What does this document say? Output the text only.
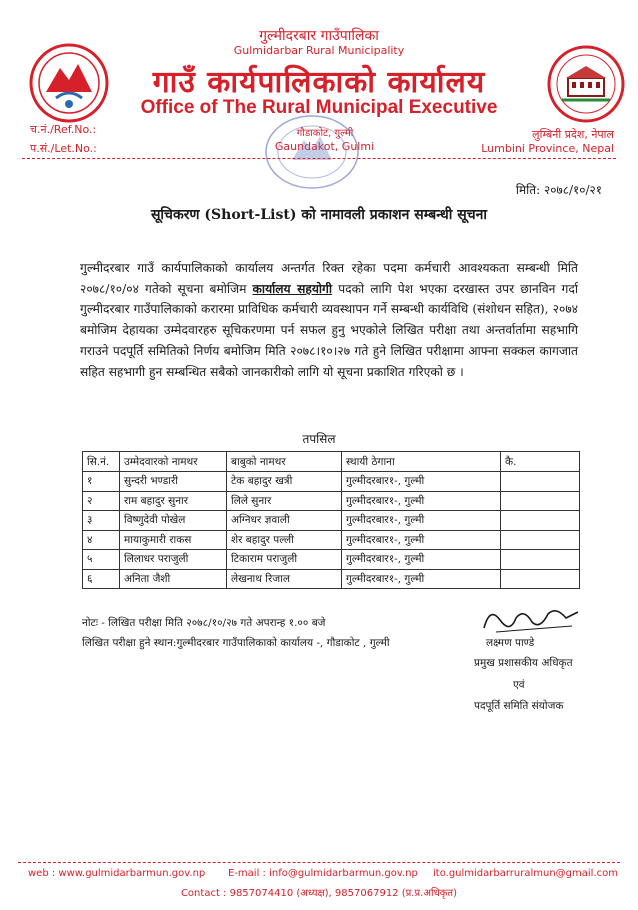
गुल्मीदरबार गाउँपालिका
Gulmidarbar Rural Municipality
गाउँ कार्यपालिकाको कार्यालय
Office of The Rural Municipal Executive
च.नं./Ref.No.:
प.सं./Let.No.:
गौडाकोट, गुल्मी
Gaundakot, Gulmi
लुम्बिनी प्रदेश, नेपाल
Lumbini Province, Nepal
मिति: २०७८/१०/२१
सूचिकरण (Short-List) को नामावली प्रकाशन सम्बन्धी सूचना
गुल्मीदरबार गाउँ कार्यपालिकाको कार्यालय अन्तर्गत रिक्त रहेका पदमा कर्मचारी आवश्यकता सम्बन्धी मिति २०७८/१०/०४ गतेको सूचना बमोजिम कार्यालय सहयोगी पदको लागि पेश भएका दरखास्त उपर छानविन गर्दा गुल्मीदरबार गाउँपालिकाको करारमा प्राविधिक कर्मचारी व्यवस्थापन गर्ने सम्बन्धी कार्यविधि (संशोधन सहित), २०७४ बमोजिम देहायका उम्मेदवारहरु सूचिकरणमा पर्न सफल हुनु भएकोले लिखित परीक्षा तथा अन्तर्वार्तामा सहभागि गराउने पदपूर्ति समितिको निर्णय बमोजिम मिति २०७८।१०।२७ गते हुने लिखित परीक्षामा आफ्ना सक्कल कागजात सहित सहभागी हुन सम्बन्धित सबैको जानकारीको लागि यो सूचना प्रकाशित गरिएको छ ।
तपसिल
सि.नं.	उम्मेदवारको नामथर	बाबुको नामथर	स्थायी ठेगाना	कै.
१	सुन्दरी भण्डारी	टेक बहादुर खत्री	गुल्मीदरबार१-, गुल्मी	
२	राम बहादुर सुनार	लिले सुनार	गुल्मीदरबार१-, गुल्मी	
३	विष्णुदेवी पोखेल	अग्निधर ज्ञवाली	गुल्मीदरबार१-, गुल्मी	
४	मायाकुमारी राकस	शेर बहादुर पल्ली	गुल्मीदरबार१-, गुल्मी	
५	लिलाधर पराजुली	टिकाराम पराजुली	गुल्मीदरबार१-, गुल्मी	
६	अनिता जैशी	लेखनाथ रिजाल	गुल्मीदरबार१-, गुल्मी	
नोटः - लिखित परीक्षा मिति २०७८/१०/२७ गते अपरान्ह १.०० बजे
लिखित परीक्षा हुने स्थान:गुल्मीदरबार गाउँपालिकाको कार्यालय -, गौडाकोट , गुल्मी	लक्ष्मण पाण्डे
प्रमुख प्रशासकीय अधिकृत
एवं
पदपूर्ति समिति संयोजक
web : www.gulmidarbarmun.gov.np E-mail : info@gulmidarbarmun.gov.np ito.gulmidarbarruralmun@gmail.com
Contact : 9857074410 (अध्यक्ष), 9857067912 (प्र.प्र.अधिकृत)
